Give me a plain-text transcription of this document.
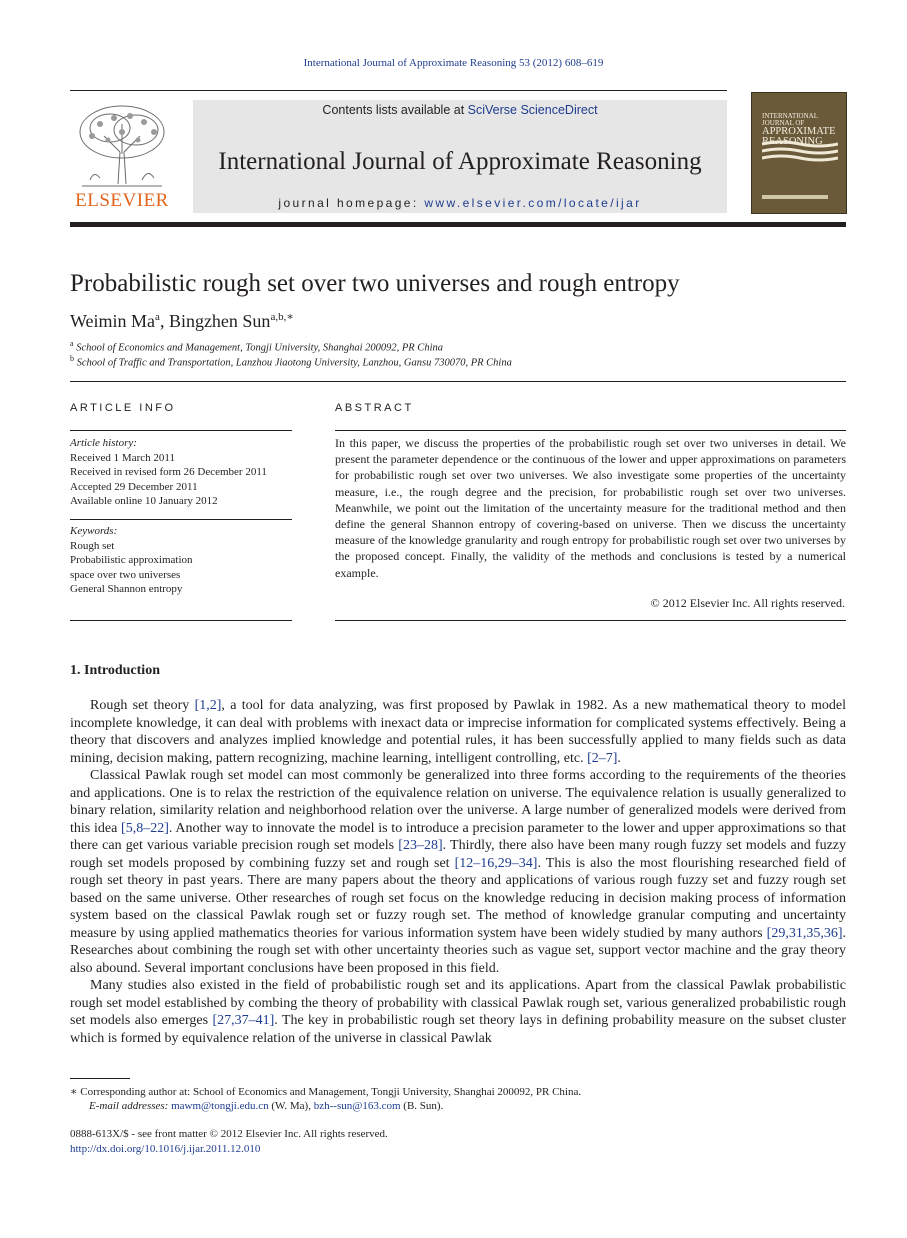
International Journal of Approximate Reasoning 53 (2012) 608–619
ELSEVIER
Contents lists available at SciVerse ScienceDirect
International Journal of Approximate Reasoning
journal homepage: www.elsevier.com/locate/ijar
INTERNATIONAL JOURNAL OF
APPROXIMATE REASONING
Probabilistic rough set over two universes and rough entropy
Weimin Ma$^a$, Bingzhen Sun$^{a,b,∗}$
$^a$ School of Economics and Management, Tongji University, Shanghai 200092, PR China
$^b$ School of Traffic and Transportation, Lanzhou Jiaotong University, Lanzhou, Gansu 730070, PR China
ARTICLE INFO
Article history:
Received 1 March 2011
Received in revised form 26 December 2011
Accepted 29 December 2011
Available online 10 January 2012
Keywords:
Rough set
Probabilistic approximation
space over two universes
General Shannon entropy
ABSTRACT
In this paper, we discuss the properties of the probabilistic rough set over two universes in detail. We present the parameter dependence or the continuous of the lower and upper approximations on parameters for probabilistic rough set over two universes. We also investigate some properties of the uncertainty measure, i.e., the rough degree and the precision, for probabilistic rough set over two universes. Meanwhile, we point out the limitation of the uncertainty measure for the traditional method and then define the general Shannon entropy of covering-based on universe. Then we discuss the uncertainty measure of the knowledge granularity and rough entropy for probabilistic rough set over two universes by the proposed concept. Finally, the validity of the methods and conclusions is tested by a numerical example.
© 2012 Elsevier Inc. All rights reserved.
1. Introduction

Rough set theory [1,2], a tool for data analyzing, was first proposed by Pawlak in 1982. As a new mathematical theory to model incomplete knowledge, it can deal with problems with inexact data or imprecise information for complicated systems effectively. Being a theory that discovers and analyzes implied knowledge and potential rules, it has been successfully applied to many fields such as data mining, decision making, pattern recognizing, machine learning, intelligent controlling, etc. [2–7].

Classical Pawlak rough set model can most commonly be generalized into three forms according to the requirements of the theories and applications. One is to relax the restriction of the equivalence relation on universe. The equivalence relation is usually generalized to binary relation, similarity relation and neighborhood relation over the universe. A large number of generalized models were derived from this idea [5,8–22]. Another way to innovate the model is to introduce a precision parameter to the lower and upper approximations so that there can get various variable precision rough set models [23–28]. Thirdly, there also have been many rough fuzzy set models and fuzzy rough set models proposed by combining fuzzy set and rough set [12–16,29–34]. This is also the most flourishing researched field of rough set theory in past years. There are many papers about the theory and applications of various rough fuzzy set and fuzzy rough set based on the same universe. Other researches of rough set focus on the knowledge reducing in decision making process of information system based on the classical Pawlak rough set or fuzzy rough set. The method of knowledge granular computing and uncertainty measure by using applied mathematics theories for various information system have been widely studied by many authors [29,31,35,36]. Researches about combining the rough set with other uncertainty theories such as vague set, support vector machine and the gray theory also abound. Several important conclusions have been proposed in this field.

Many studies also existed in the field of probabilistic rough set and its applications. Apart from the classical Pawlak probabilistic rough set model established by combing the theory of probability with classical Pawlak rough set, various generalized probabilistic rough set models also emerges [27,37–41]. The key in probabilistic rough set theory lays in defining probability measure on the subset cluster which is formed by equivalence relation of the universe in classical Pawlak

∗ Corresponding author at: School of Economics and Management, Tongji University, Shanghai 200092, PR China.
E-mail addresses: mawm@tongji.edu.cn (W. Ma), bzh--sun@163.com (B. Sun).
0888-613X/$ - see front matter © 2012 Elsevier Inc. All rights reserved.
http://dx.doi.org/10.1016/j.ijar.2011.12.010
